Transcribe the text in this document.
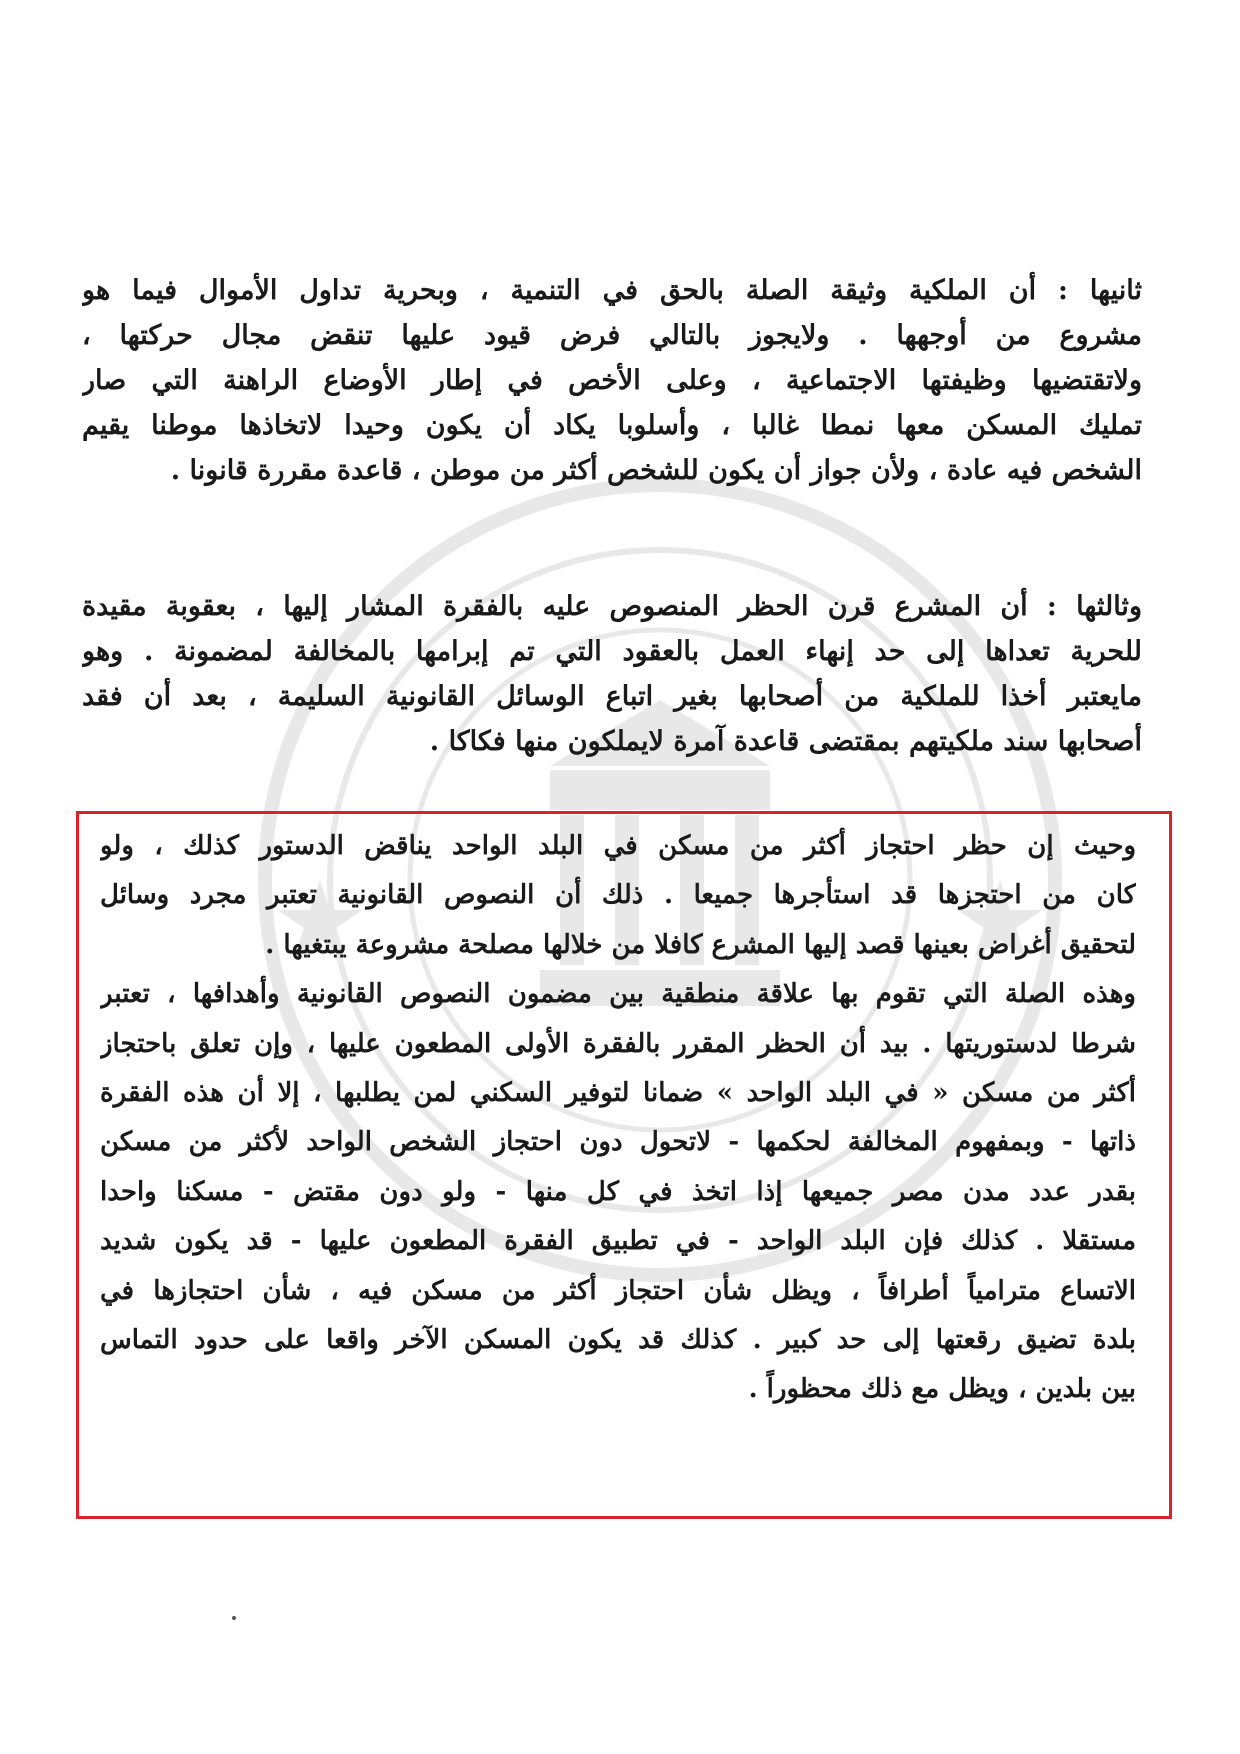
ثانيها : أن الملكية وثيقة الصلة بالحق في التنمية ، وبحرية تداول الأموال فيما هو
مشروع من أوجهها . ولايجوز بالتالي فرض قيود عليها تنقض مجال حركتها ،
ولاتقتضيها وظيفتها الاجتماعية ، وعلى الأخص في إطار الأوضاع الراهنة التي صار
تمليك المسكن معها نمطا غالبا ، وأسلوبا يكاد أن يكون وحيدا لاتخاذها موطنا يقيم
الشخص فيه عادة ، ولأن جواز أن يكون للشخص أكثر من موطن ، قاعدة مقررة قانونا .
وثالثها : أن المشرع قرن الحظر المنصوص عليه بالفقرة المشار إليها ، بعقوبة مقيدة
للحرية تعداها إلى حد إنهاء العمل بالعقود التي تم إبرامها بالمخالفة لمضمونة . وهو
مايعتبر أخذا للملكية من أصحابها بغير اتباع الوسائل القانونية السليمة ، بعد أن فقد
أصحابها سند ملكيتهم بمقتضى قاعدة آمرة لايملكون منها فكاكا .
وحيث إن حظر احتجاز أكثر من مسكن في البلد الواحد يناقض الدستور كذلك ، ولو
كان من احتجزها قد استأجرها جميعا . ذلك أن النصوص القانونية تعتبر مجرد وسائل
لتحقيق أغراض بعينها قصد إليها المشرع كافلا من خلالها مصلحة مشروعة يبتغيها .
وهذه الصلة التي تقوم بها علاقة منطقية بين مضمون النصوص القانونية وأهدافها ، تعتبر
شرطا لدستوريتها . بيد أن الحظر المقرر بالفقرة الأولى المطعون عليها ، وإن تعلق باحتجاز
أكثر من مسكن « في البلد الواحد » ضمانا لتوفير السكني لمن يطلبها ، إلا أن هذه الفقرة
ذاتها - وبمفهوم المخالفة لحكمها - لاتحول دون احتجاز الشخص الواحد لأكثر من مسكن
بقدر عدد مدن مصر جميعها إذا اتخذ في كل منها - ولو دون مقتض - مسكنا واحدا
مستقلا . كذلك فإن البلد الواحد - في تطبيق الفقرة المطعون عليها - قد يكون شديد
الاتساع مترامياً أطرافاً ، ويظل شأن احتجاز أكثر من مسكن فيه ، شأن احتجازها في
بلدة تضيق رقعتها إلى حد كبير . كذلك قد يكون المسكن الآخر واقعا على حدود التماس
بين بلدين ، ويظل مع ذلك محظوراً .
